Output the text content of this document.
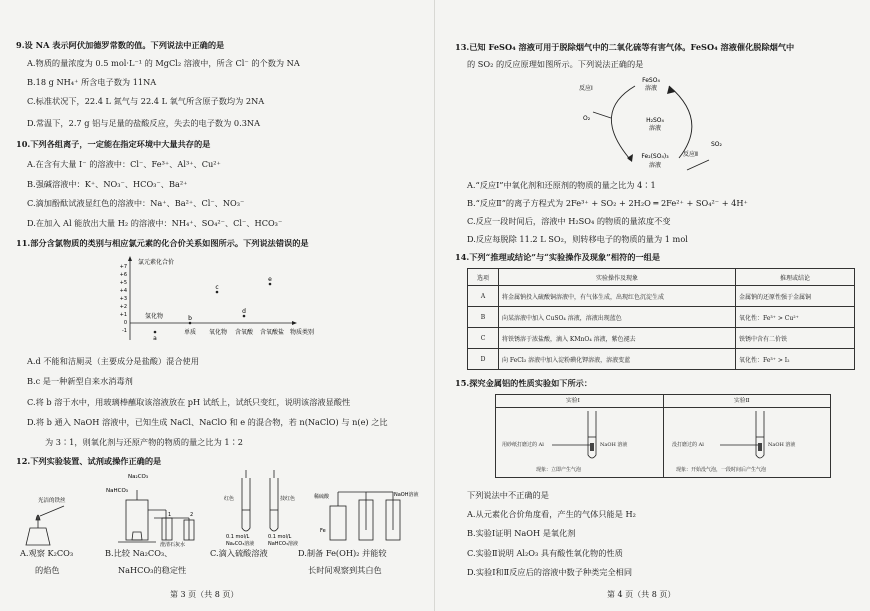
9.设 NA 表示阿伏加德罗常数的值。下列说法中正确的是
A.物质的量浓度为 0.5 mol·L⁻¹ 的 MgCl₂ 溶液中，所含 Cl⁻ 的个数为 NA
B.18 g NH₄⁺ 所含电子数为 11NA
C.标准状况下，22.4 L 氮气与 22.4 L 氧气所含原子数均为 2NA
D.常温下，2.7 g 铝与足量的盐酸反应，失去的电子数为 0.3NA
10.下列各组离子，一定能在指定环境中大量共存的是
A.在含有大量 I⁻ 的溶液中：Cl⁻、Fe³⁺、Al³⁺、Cu²⁺
B.强碱溶液中：K⁺、NO₃⁻、HCO₃⁻、Ba²⁺
C.滴加酚酞试液显红色的溶液中：Na⁺、Ba²⁺、Cl⁻、NO₃⁻
D.在加入 Al 能放出大量 H₂ 的溶液中：NH₄⁺、SO₄²⁻、Cl⁻、HCO₃⁻
11.部分含氯物质的类别与相应氯元素的化合价关系如图所示。下列说法错误的是
氯元素化合价
+7
+6
+5
+4
+3
+2
+1
0
-1
氢化物
单质 氧化物 含氧酸 含氧酸盐 物质类别
a
b
c
d
e
A.d 不能和洁厕灵（主要成分是盐酸）混合使用
B.c 是一种新型自来水消毒剂
C.将 b 溶于水中，用玻璃棒蘸取该溶液放在 pH 试纸上，试纸只变红，说明该溶液显酸性
D.将 b 通入 NaOH 溶液中，已知生成 NaCl、NaClO 和 e 的混合物，若 n(NaClO) 与 n(e) 之比
为 3∶1，则氧化剂与还原产物的物质的量之比为 1∶2
12.下列实验装置、试剂或操作正确的是
光洁的铁丝
Na₂CO₃
NaHCO₃
澄清石灰水
1	2
红色	技红色
0.1 mol/L
Na₂CO₃溶液
0.1 mol/L
NaHCO₃溶液
稀硫酸
Fe
NaOH溶液
A.观察 K₂CO₃
的焰色
B.比较 Na₂CO₃、
NaHCO₃的稳定性
C.滴入硫酸溶液	D.制备 Fe(OH)₂ 并能较
长时间观察到其白色
第 3 页（共 8 页）
13.已知 FeSO₄ 溶液可用于脱除烟气中的二氧化硫等有害气体。FeSO₄ 溶液催化脱除烟气中
的 SO₂ 的反应原理如图所示。下列说法正确的是
FeSO₄
溶液
H₂SO₄
溶液
Fe₂(SO₄)₃
溶液
反应Ⅰ
反应Ⅱ
O₂
SO₂
A.“反应Ⅰ”中氧化剂和还原剂的物质的量之比为 4∶1
B.“反应Ⅱ”的离子方程式为 2Fe³⁺ + SO₂ + 2H₂O ═ 2Fe²⁺ + SO₄²⁻ + 4H⁺
C.反应一段时间后，溶液中 H₂SO₄ 的物质的量浓度不变
D.反应每脱除 11.2 L SO₂，则转移电子的物质的量为 1 mol
14.下列“推理或结论”与“实验操作及现象”相符的一组是
选项	实验操作及现象	推理或结论
A	将金属钠投入硫酸铜溶液中，有气体生成，出现红色沉淀生成	金属钠的还原性强于金属铜
B	向某溶液中加入 CuSO₄ 溶液，溶液出现蓝色	氧化性：Fe³⁺ > Cu²⁺
C	将铁锈溶于浓盐酸，滴入 KMnO₄ 溶液，紫色褪去	铁锈中含有二价铁
D	向 FeCl₃ 溶液中加入淀粉碘化钾溶液，溶液变蓝	氧化性：Fe³⁺ > I₂
15.探究金属铝的性质实验如下所示：
实验Ⅰ	实验Ⅱ
用砂纸打磨过的 Al	NaOH 溶液	没打磨过的 Al	NaOH 溶液
现象：立即产生气泡	现象：开始没气泡，一段时间后产生气泡
下列说法中不正确的是
A.从元素化合价角度看，产生的气体只能是 H₂
B.实验Ⅰ证明 NaOH 是氧化剂
C.实验Ⅱ说明 Al₂O₃ 具有酸性氧化物的性质
D.实验Ⅰ和Ⅱ反应后的溶液中数子种类完全相同
第 4 页（共 8 页）
